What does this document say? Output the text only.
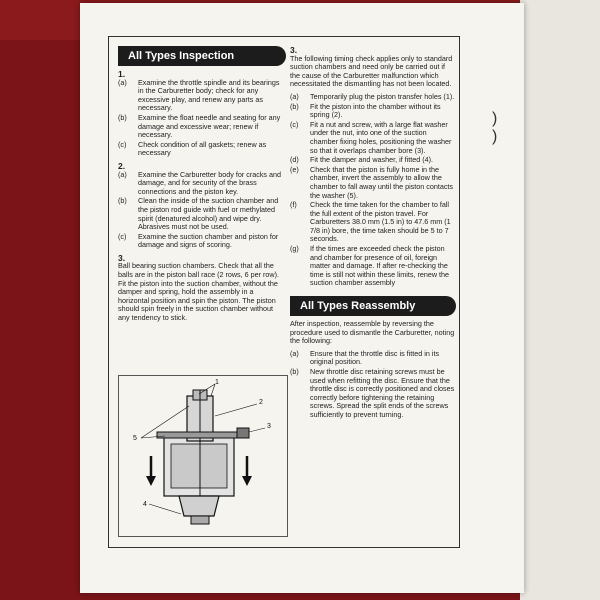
All Types Inspection
1.
(a)	Examine the throttle spindle and its bearings in the Carburetter body; check for any excessive play, and renew any parts as necessary.
(b)	Examine the float needle and seating for any damage and excessive wear; renew if necessary.
(c)	Check condition of all gaskets; renew as necessary
2.
(a)	Examine the Carburetter body for cracks and damage, and for security of the brass connections and the piston key.
(b)	Clean the inside of the suction chamber and the piston rod guide with fuel or methylated spirit (denatured alcohol) and wipe dry. Abrasives must not be used.
(c)	Examine the suction chamber and piston for damage and signs of scoring.
3.

Ball bearing suction chambers. Check that all the balls are in the piston ball race (2 rows, 6 per row). Fit the piston into the suction chamber, without the damper and spring, hold the assembly in a horizontal position and spin the piston. The piston should spin freely in the suction chamber without any tendency to stick.

1
2
3
4
5
3.

The following timing check applies only to standard suction chambers and need only be carried out if the cause of the Carburetter malfunction which necessitated the dismantling has not been located.

(a)	Temporarily plug the piston transfer holes (1).
(b)	Fit the piston into the chamber without its spring (2).
(c)	Fit a nut and screw, with a large flat washer under the nut, into one of the suction chamber fixing holes, positioning the washer so that it overlaps chamber bore (3).
(d)	Fit the damper and washer, if fitted (4).
(e)	Check that the piston is fully home in the chamber, invert the assembly to allow the chamber to fall away until the piston contacts the washer (5).
(f)	Check the time taken for the chamber to fall the full extent of the piston travel. For Carburetters 38.0 mm (1.5 in) to 47.6 mm (1 7/8 in) bore, the time taken should be 5 to 7 seconds.
(g)	If the times are exceeded check the piston and chamber for presence of oil, foreign matter and damage. If after re-checking the time is still not within these limits, renew the suction chamber assembly
All Types Reassembly

After inspection, reassemble by reversing the procedure used to dismantle the Carburetter, noting the following:

(a)	Ensure that the throttle disc is fitted in its original position.
(b)	New throttle disc retaining screws must be used when refitting the disc. Ensure that the throttle disc is correctly positioned and closes correctly before tightening the retaining screws. Spread the split ends of the screws sufficiently to prevent turning.
)
)
